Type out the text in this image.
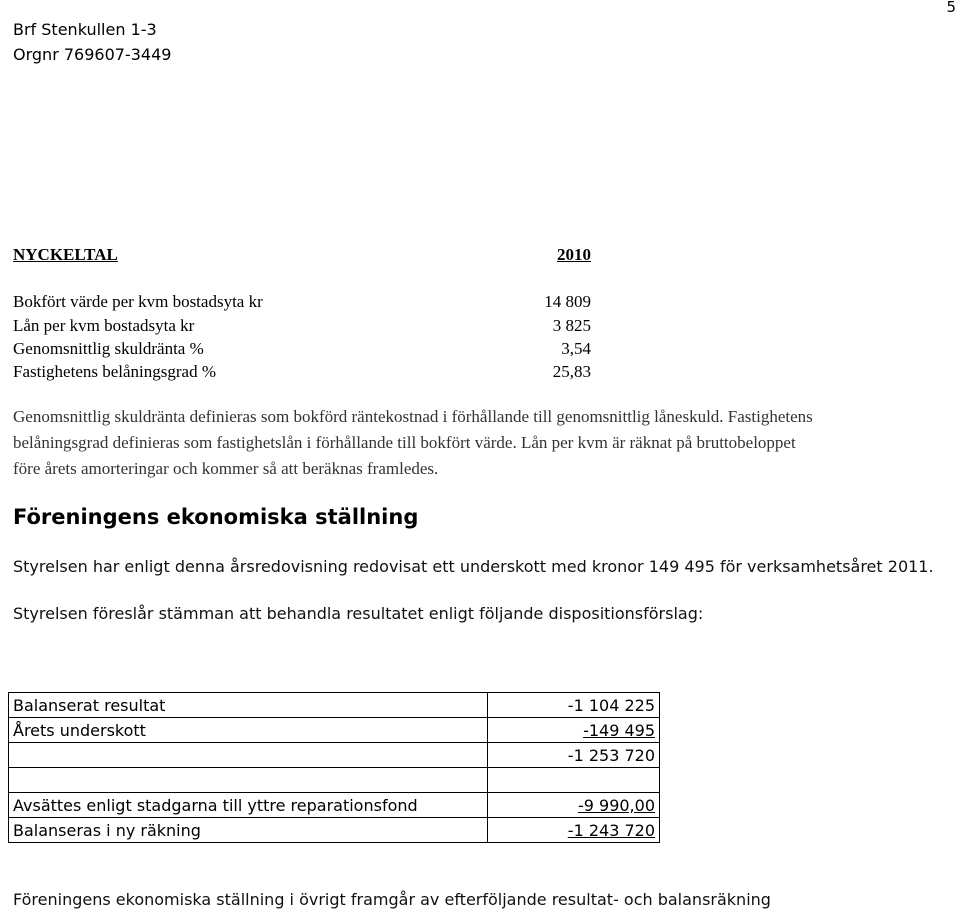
5
Brf Stenkullen 1-3
Orgnr 769607-3449
NYCKELTAL	2010
Bokfört värde per kvm bostadsyta kr	14 809
Lån per kvm bostadsyta kr	3 825
Genomsnittlig skuldränta %	3,54
Fastighetens belåningsgrad %	25,83
Genomsnittlig skuldränta definieras som bokförd räntekostnad i förhållande till genomsnittlig låneskuld. Fastighetens
belåningsgrad definieras som fastighetslån i förhållande till bokfört värde. Lån per kvm är räknat på bruttobeloppet
före årets amorteringar och kommer så att beräknas framledes.
Föreningens ekonomiska ställning
Styrelsen har enligt denna årsredovisning redovisat ett underskott med kronor 149 495 för verksamhetsåret 2011.
Styrelsen föreslår stämman att behandla resultatet enligt följande dispositionsförslag:
Balanserat resultat	-1 104 225
Årets underskott	-149 495
	-1 253 720

Avsättes enligt stadgarna till yttre reparationsfond	-9 990,00
Balanseras i ny räkning	-1 243 720
Föreningens ekonomiska ställning i övrigt framgår av efterföljande resultat- och balansräkning
